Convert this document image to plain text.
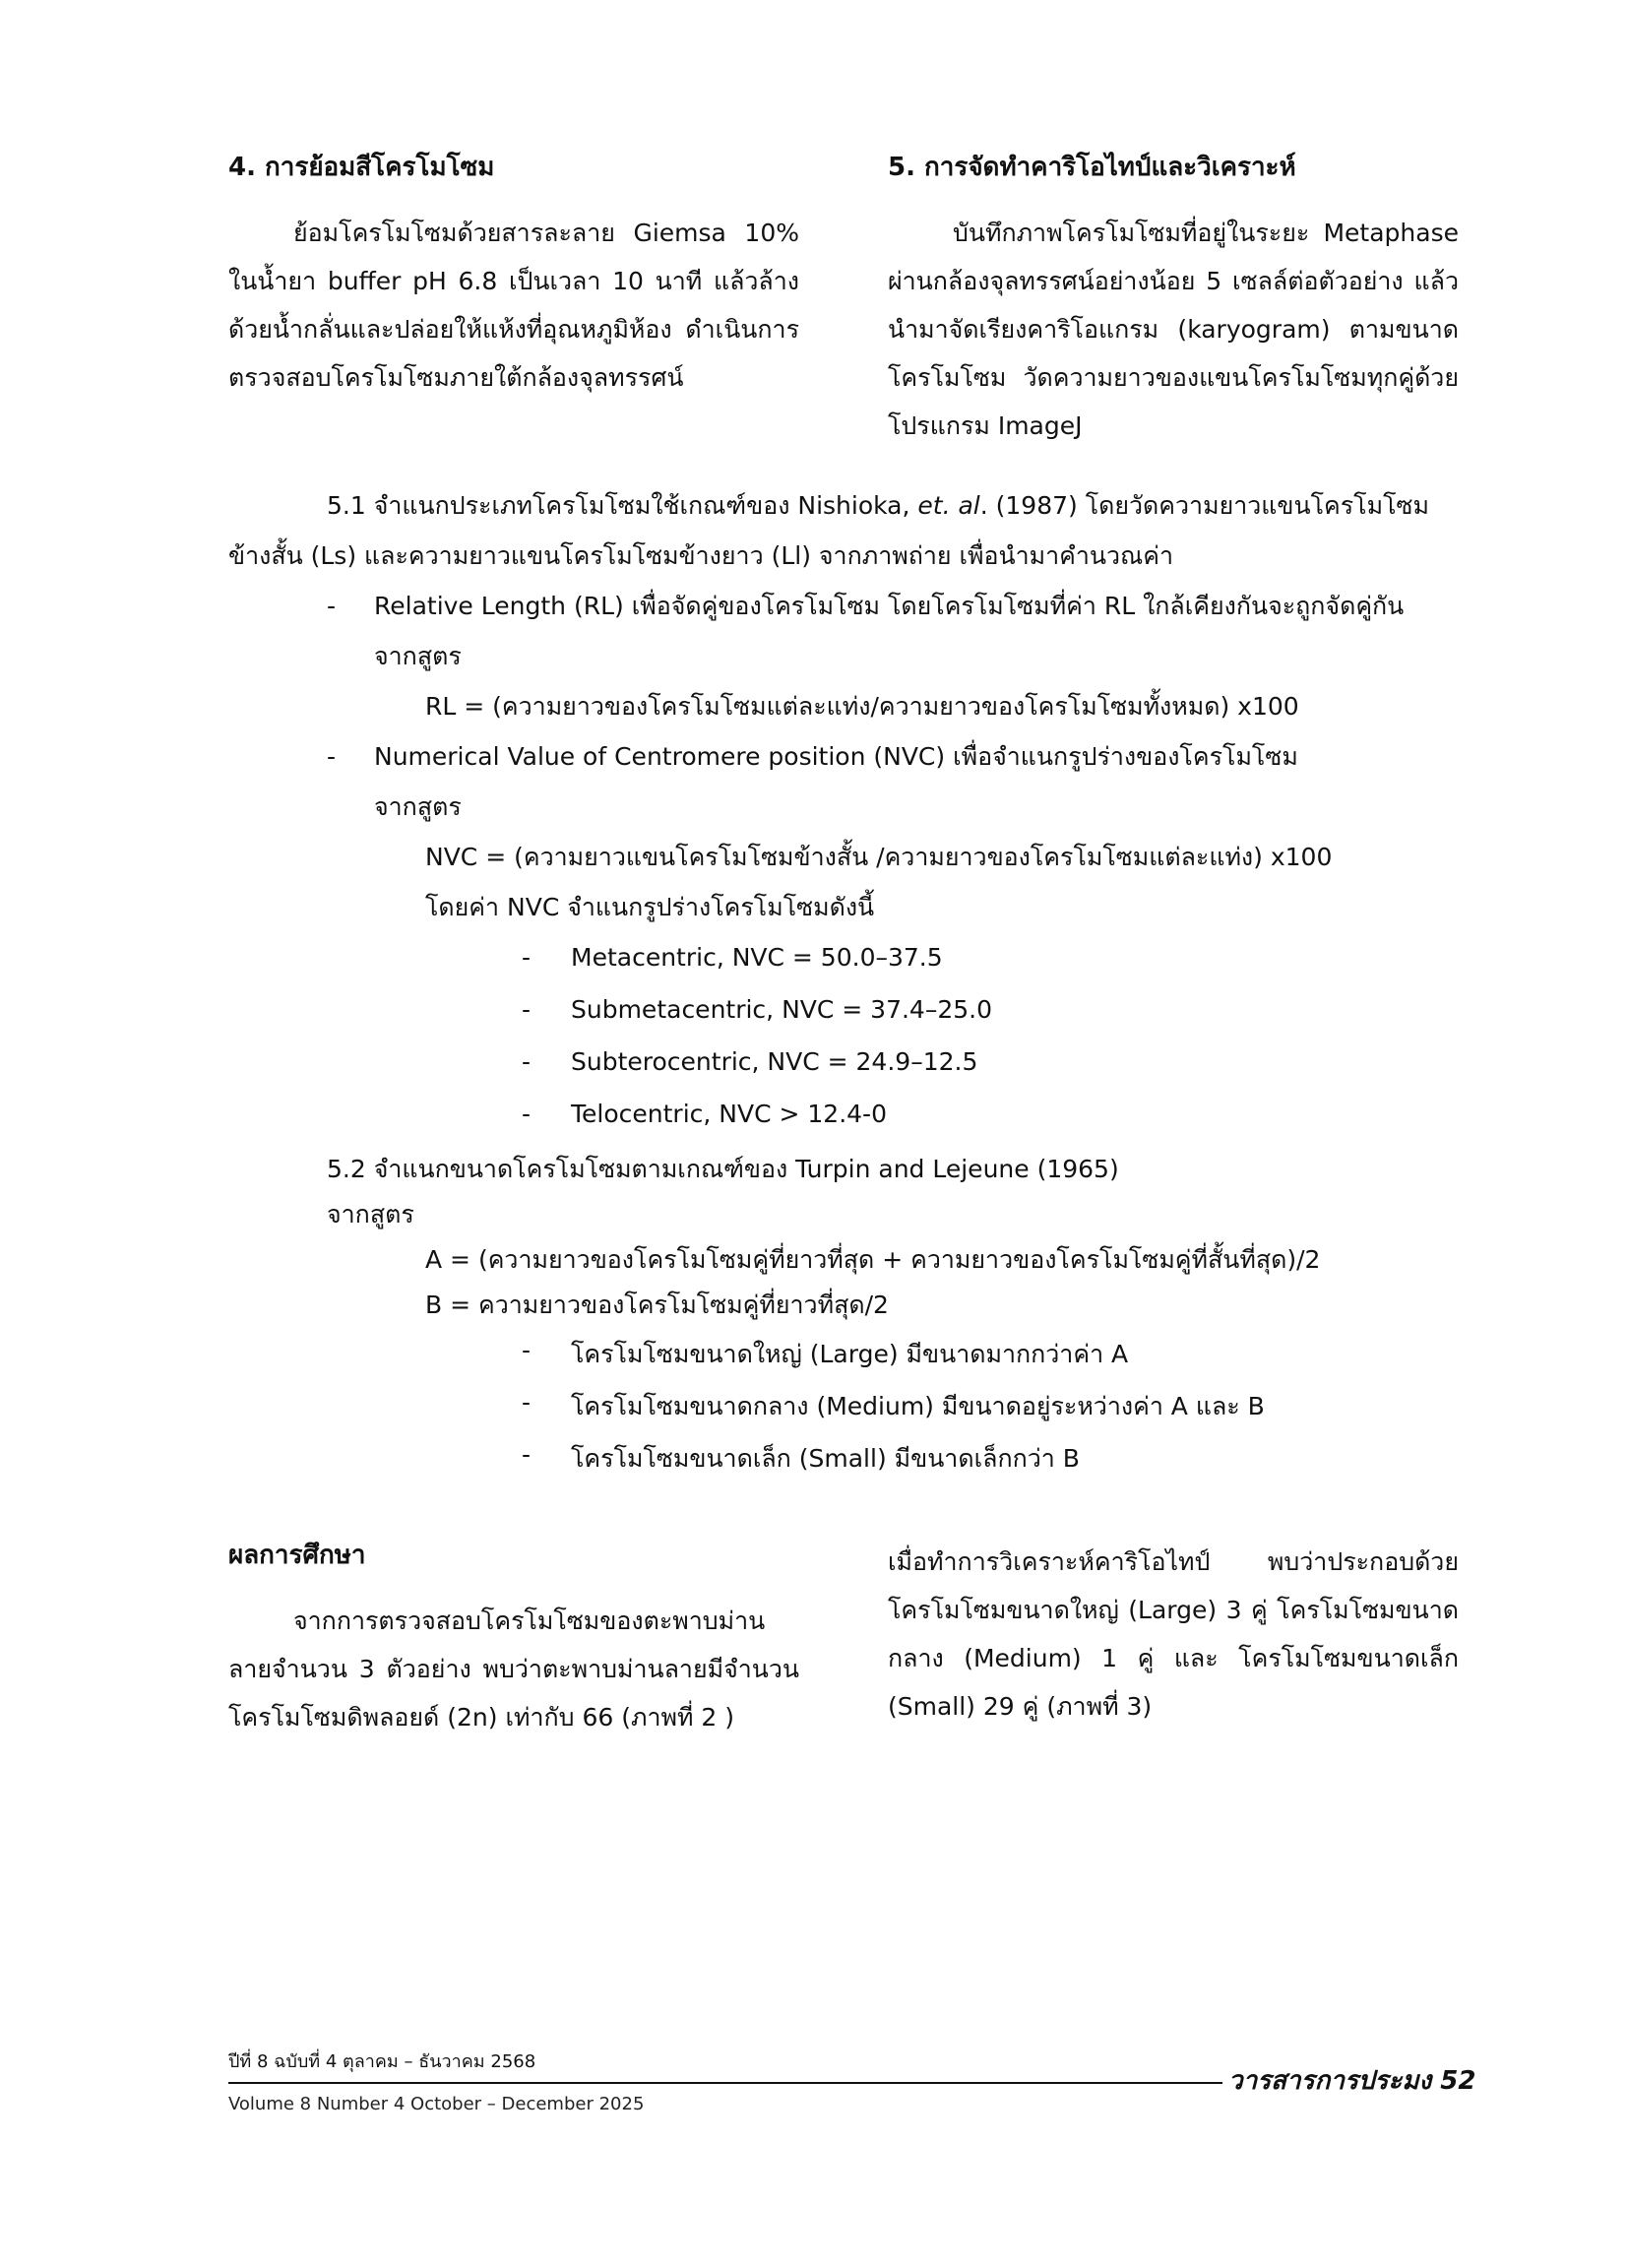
4. การย้อมสีโครโมโซม

ย้อมโครโมโซมด้วยสารละลาย Giemsa 10% ในน้ำยา buffer pH 6.8 เป็นเวลา 10 นาที แล้วล้างด้วยน้ำกลั่นและปล่อยให้แห้งที่อุณหภูมิห้อง ดำเนินการตรวจสอบโครโมโซมภายใต้กล้องจุลทรรศน์

5. การจัดทำคาริโอไทป์และวิเคราะห์

บันทึกภาพโครโมโซมที่อยู่ในระยะ Metaphase ผ่านกล้องจุลทรรศน์อย่างน้อย 5 เซลล์ต่อตัวอย่าง แล้วนำมาจัดเรียงคาริโอแกรม (karyogram) ตามขนาดโครโมโซม วัดความยาวของแขนโครโมโซมทุกคู่ด้วยโปรแกรม ImageJ

5.1 จำแนกประเภทโครโมโซมใช้เกณฑ์ของ Nishioka, et. al. (1987) โดยวัดความยาวแขนโครโมโซมข้างสั้น (Ls) และความยาวแขนโครโมโซมข้างยาว (Ll) จากภาพถ่าย เพื่อนำมาคำนวณค่า

- Relative Length (RL) เพื่อจัดคู่ของโครโมโซม โดยโครโมโซมที่ค่า RL ใกล้เคียงกันจะถูกจัดคู่กัน
จากสูตร

RL = (ความยาวของโครโมโซมแต่ละแท่ง/ความยาวของโครโมโซมทั้งหมด) x100

- Numerical Value of Centromere position (NVC) เพื่อจำแนกรูปร่างของโครโมโซม
จากสูตร

NVC = (ความยาวแขนโครโมโซมข้างสั้น /ความยาวของโครโมโซมแต่ละแท่ง) x100

โดยค่า NVC จำแนกรูปร่างโครโมโซมดังนี้

- Metacentric, NVC = 50.0–37.5
- Submetacentric, NVC = 37.4–25.0
- Subterocentric, NVC = 24.9–12.5
- Telocentric, NVC > 12.4-0

5.2 จำแนกขนาดโครโมโซมตามเกณฑ์ของ Turpin and Lejeune (1965)

จากสูตร

A = (ความยาวของโครโมโซมคู่ที่ยาวที่สุด + ความยาวของโครโมโซมคู่ที่สั้นที่สุด)/2

B = ความยาวของโครโมโซมคู่ที่ยาวที่สุด/2

- โครโมโซมขนาดใหญ่ (Large) มีขนาดมากกว่าค่า A
- โครโมโซมขนาดกลาง (Medium) มีขนาดอยู่ระหว่างค่า A และ B
- โครโมโซมขนาดเล็ก (Small) มีขนาดเล็กกว่า B

ผลการศึกษา

จากการตรวจสอบโครโมโซมของตะพาบม่านลายจำนวน 3 ตัวอย่าง พบว่าตะพาบม่านลายมีจำนวนโครโมโซมดิพลอยด์ (2n) เท่ากับ 66 (ภาพที่ 2 )

เมื่อทำการวิเคราะห์คาริโอไทป์ พบว่าประกอบด้วยโครโมโซมขนาดใหญ่ (Large) 3 คู่ โครโมโซมขนาดกลาง (Medium) 1 คู่ และ โครโมโซมขนาดเล็ก (Small) 29 คู่ (ภาพที่ 3)

ปีที่ 8 ฉบับที่ 4 ตุลาคม – ธันวาคม 2568
วารสารการประมง 52
Volume 8 Number 4 October – December 2025
